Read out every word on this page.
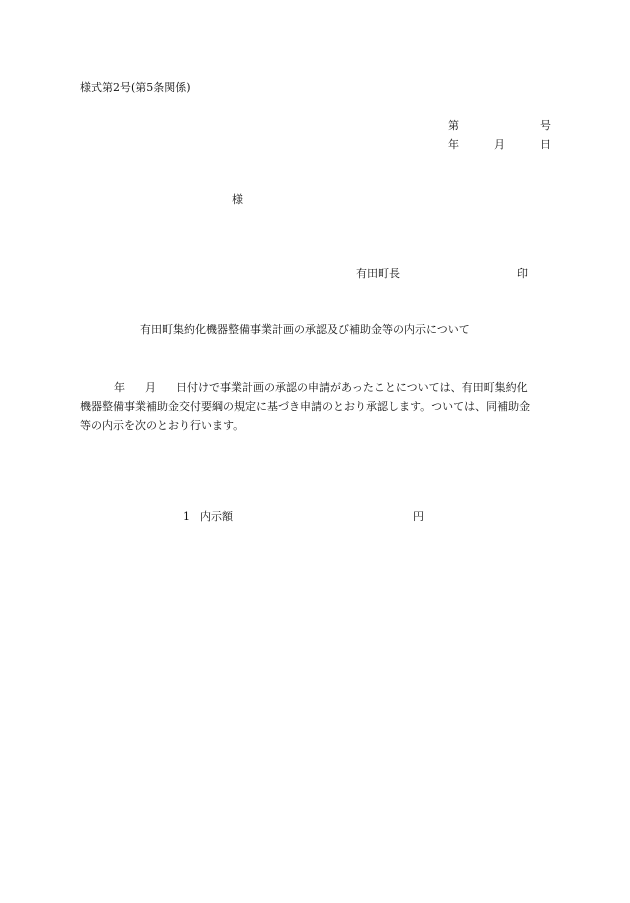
様式第2号(第5条関係)
第	号
年	月	日
様
有田町長	印
有田町集約化機器整備事業計画の承認及び補助金等の内示について
年 月 日付けで事業計画の承認の申請があったことについては、有田町集約化
機器整備事業補助金交付要綱の規定に基づき申請のとおり承認します。ついては、同補助金
等の内示を次のとおり行います。
1 内示額	円
